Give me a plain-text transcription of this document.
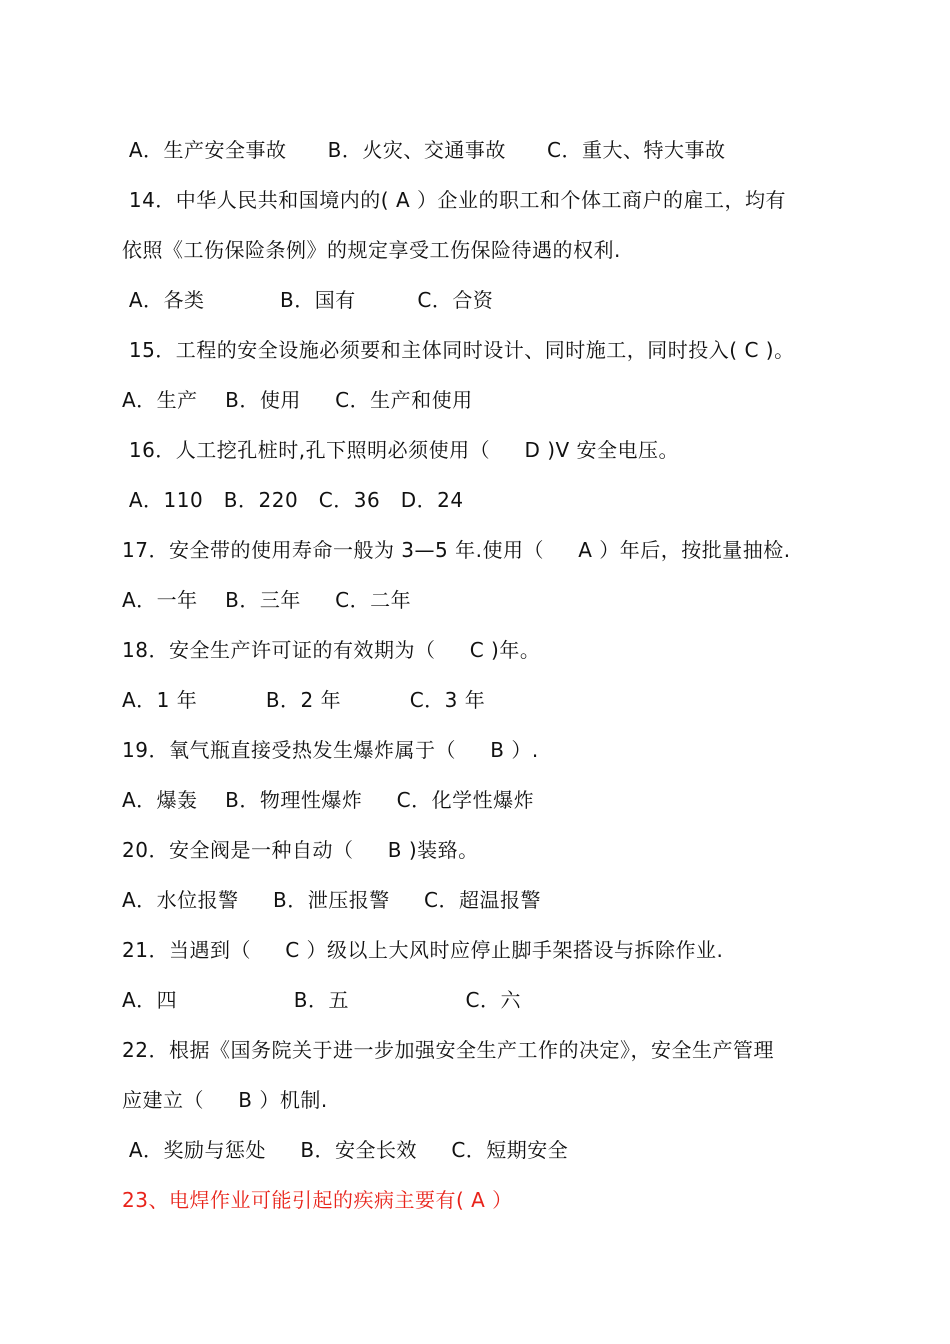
A．生产安全事故      B．火灾、交通事故      C．重大、特大事故
14．中华人民共和国境内的( A ）企业的职工和个体工商户的雇工，均有
依照《工伤保险条例》的规定享受工伤保险待遇的权利.
A．各类           B．国有         C．合资
15．工程的安全设施必须要和主体同时设计、同时施工，同时投入( C )。
A．生产    B．使用     C．生产和使用
16．人工挖孔桩时,孔下照明必须使用（     D )V 安全电压。
A．110   B．220   C．36   D．24
17．安全带的使用寿命一般为 3—5 年.使用（     A ）年后，按批量抽检.
A．一年    B．三年     C．二年
18．安全生产许可证的有效期为（     C )年。
A．1 年          B．2 年          C．3 年
19．氧气瓶直接受热发生爆炸属于（     B ）.
A．爆轰    B．物理性爆炸     C．化学性爆炸
20．安全阀是一种自动（     B )装臵。
A．水位报警     B．泄压报警     C．超温报警
21．当遇到（     C ）级以上大风时应停止脚手架搭设与拆除作业.
A．四                 B．五                 C．六
22．根据《国务院关于进一步加强安全生产工作的决定》，安全生产管理
应建立（     B ）机制.
A．奖励与惩处     B．安全长效     C．短期安全
23、电焊作业可能引起的疾病主要有( A ）
